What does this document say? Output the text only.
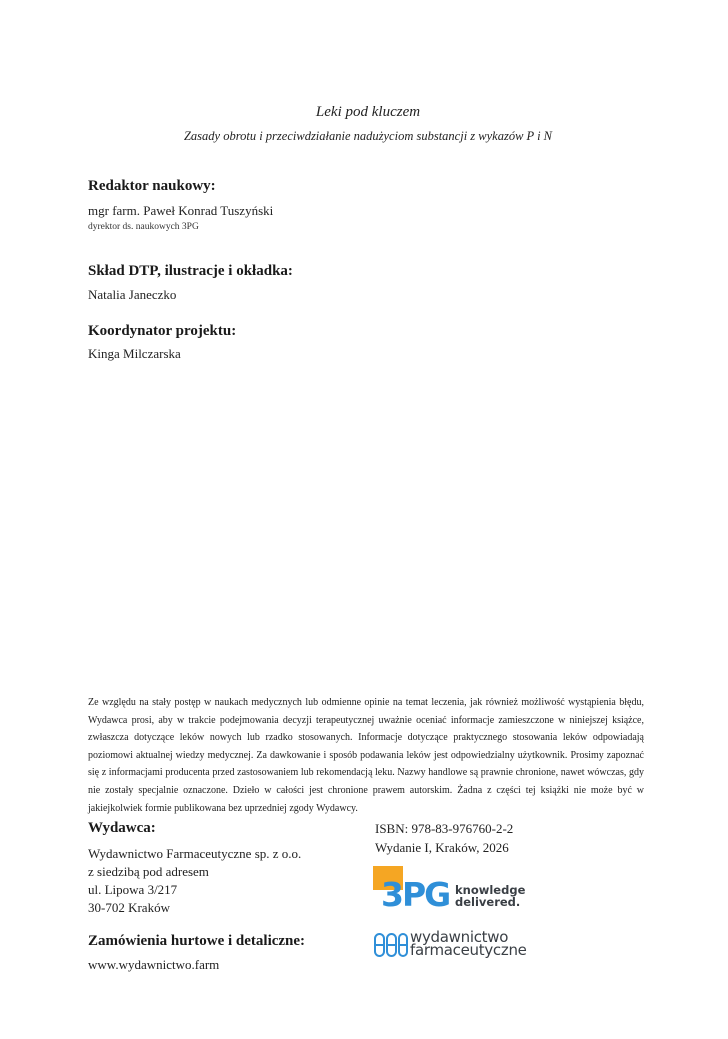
Leki pod kluczem
Zasady obrotu i przeciwdziałanie nadużyciom substancji z wykazów P i N
Redaktor naukowy:
mgr farm. Paweł Konrad Tuszyński
dyrektor ds. naukowych 3PG
Skład DTP, ilustracje i okładka:
Natalia Janeczko
Koordynator projektu:
Kinga Milczarska
Ze względu na stały postęp w naukach medycznych lub odmienne opinie na temat leczenia, jak również możliwość wystąpienia błędu, Wydawca prosi, aby w trakcie podejmowania decyzji terapeutycznej uważnie oceniać informacje zamieszczone w niniejszej książce, zwłaszcza dotyczące leków nowych lub rzadko stosowanych. Informacje dotyczące praktycznego stosowania leków odpowiadają poziomowi aktualnej wiedzy medycznej. Za dawkowanie i sposób podawania leków jest odpowiedzialny użytkownik. Prosimy zapoznać się z informacjami producenta przed zastosowaniem lub rekomendacją leku. Nazwy handlowe są prawnie chronione, nawet wówczas, gdy nie zostały specjalnie oznaczone. Dzieło w całości jest chronione prawem autorskim. Żadna z części tej książki nie może być w jakiejkolwiek formie publikowana bez uprzedniej zgody Wydawcy.
Wydawca:
Wydawnictwo Farmaceutyczne sp. z o.o.
z siedzibą pod adresem
ul. Lipowa 3/217
30-702 Kraków
Zamówienia hurtowe i detaliczne:
www.wydawnictwo.farm
ISBN: 978-83-976760-2-2
Wydanie I, Kraków, 2026
3PG knowledge
delivered.
wydawnictwo
farmaceutyczne
